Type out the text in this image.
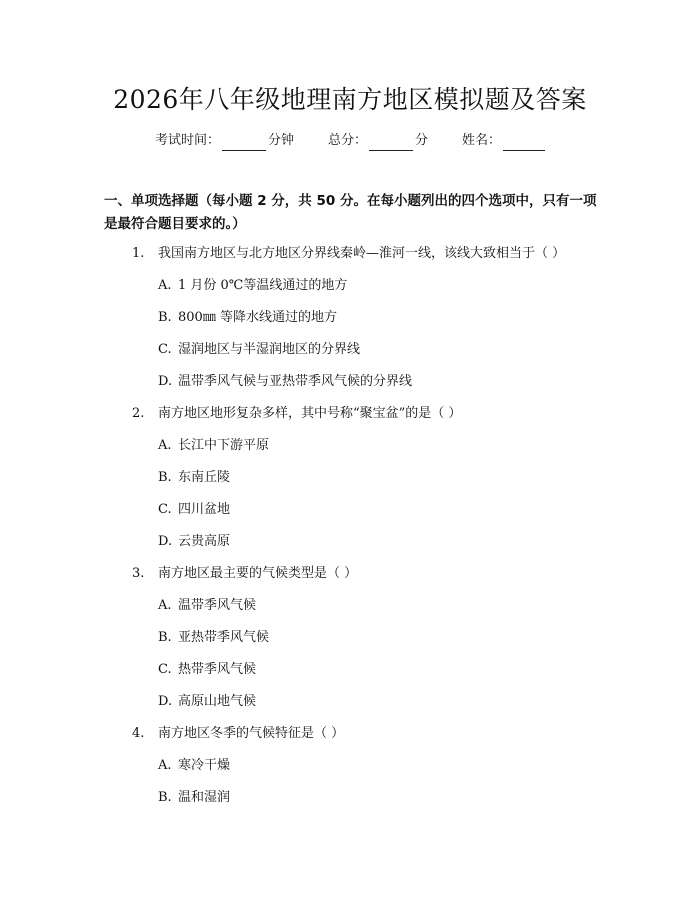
2026年八年级地理南方地区模拟题及答案
考试时间：	分钟	总分：	分	姓名：
一、单项选择题（每小题 2 分，共 50 分。在每小题列出的四个选项中，只有一项是最符合题目要求的。）
1. 我国南方地区与北方地区分界线秦岭—淮河一线，该线大致相当于（ ）
A. 1 月份 0℃等温线通过的地方
B. 800㎜ 等降水线通过的地方
C. 湿润地区与半湿润地区的分界线
D. 温带季风气候与亚热带季风气候的分界线
2. 南方地区地形复杂多样，其中号称“聚宝盆”的是（ ）
A. 长江中下游平原
B. 东南丘陵
C. 四川盆地
D. 云贵高原
3. 南方地区最主要的气候类型是（ ）
A. 温带季风气候
B. 亚热带季风气候
C. 热带季风气候
D. 高原山地气候
4. 南方地区冬季的气候特征是（ ）
A. 寒冷干燥
B. 温和湿润
